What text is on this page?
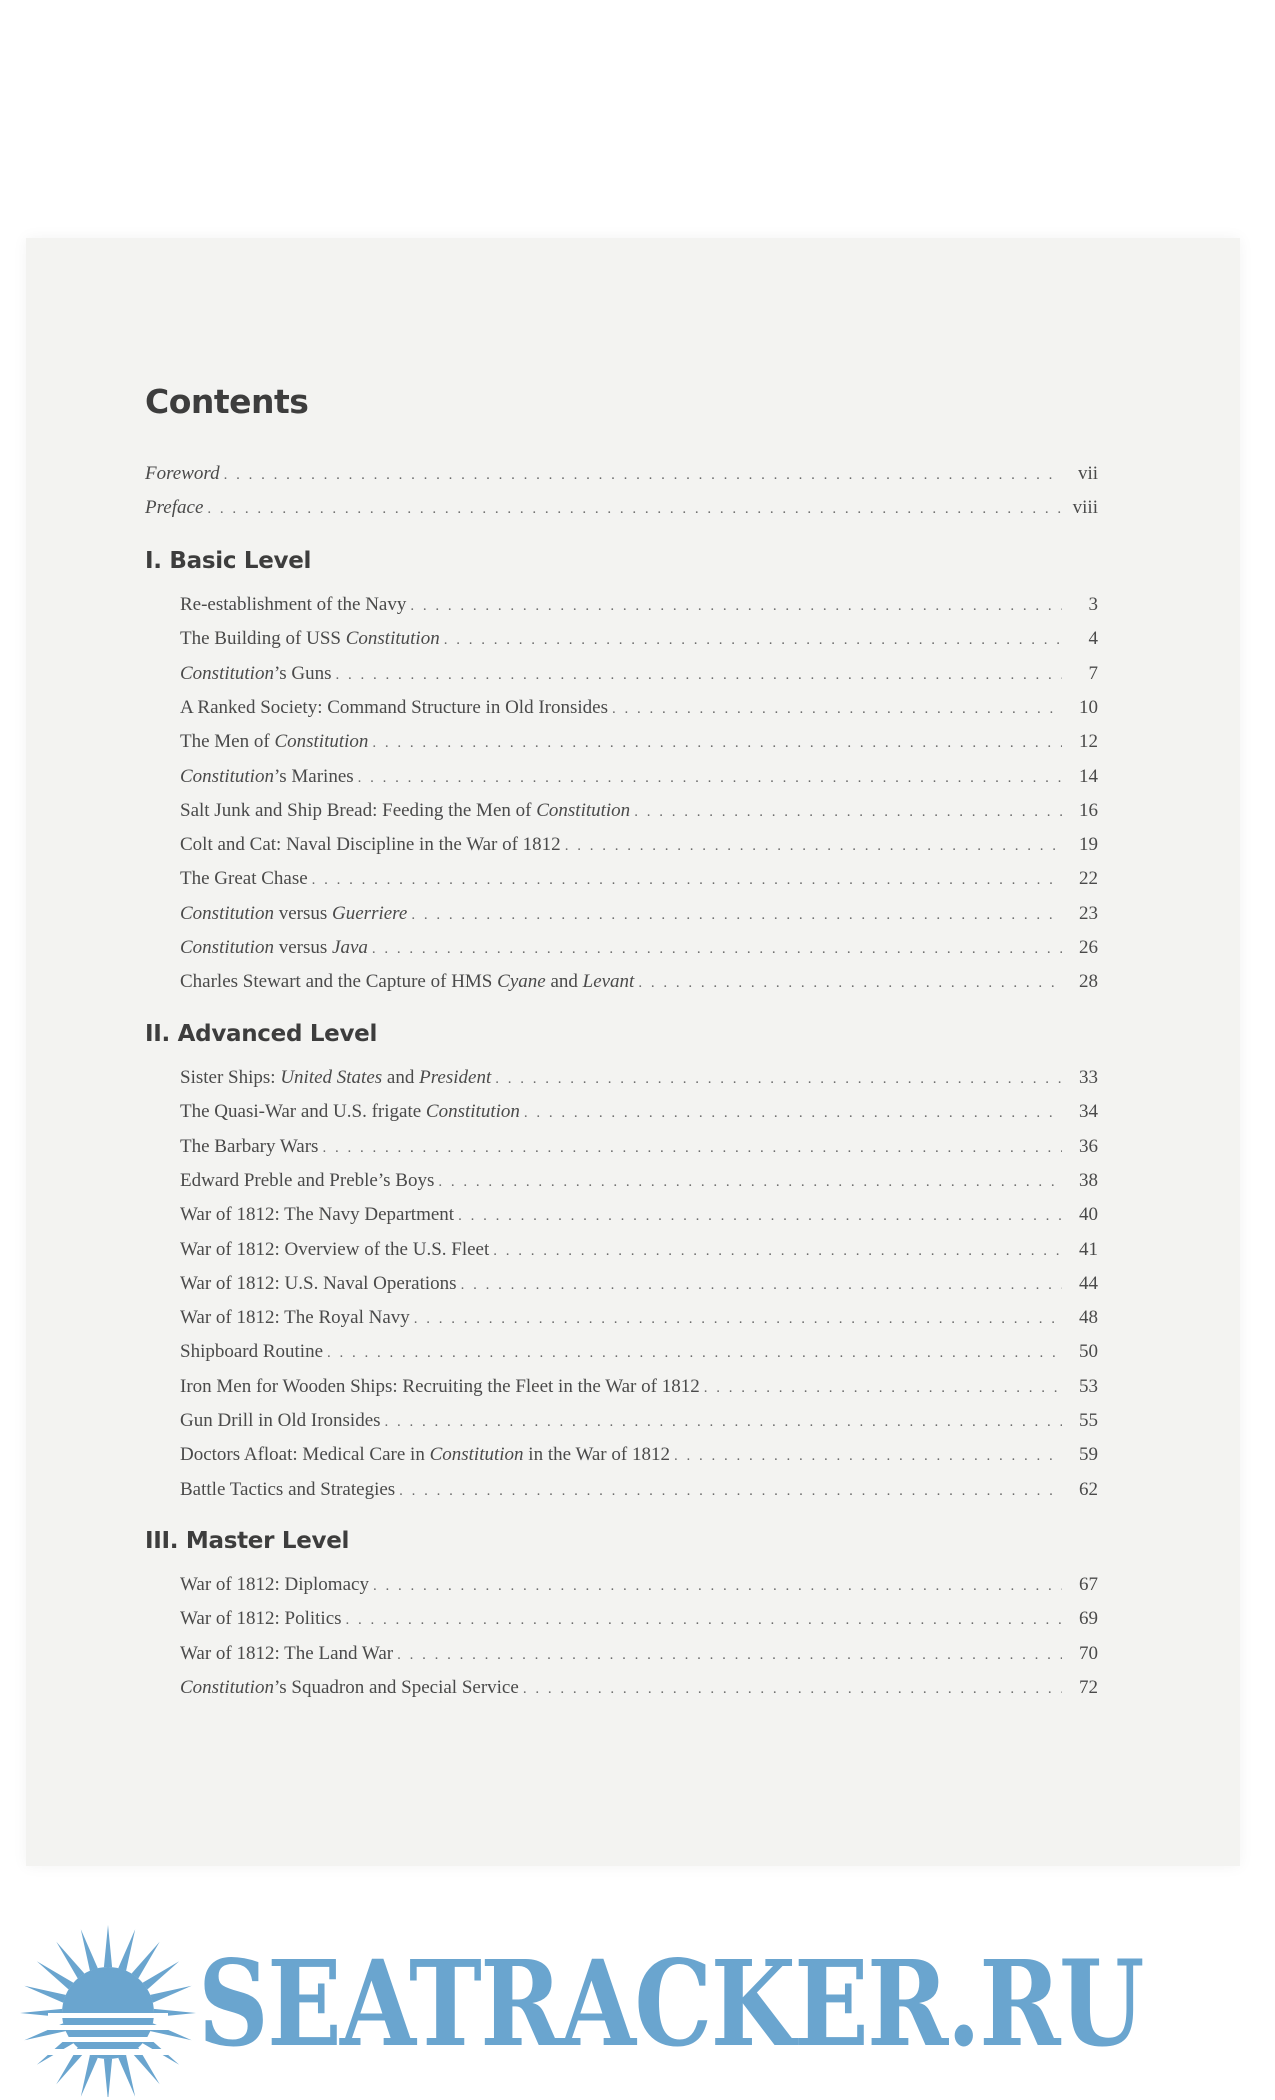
Contents
Foreword . . .	vii
Preface . . .	viii
I. Basic Level
Re-establishment of the Navy . . .	3
The Building of USS Constitution . . .	4
Constitution’s Guns . . .	7
A Ranked Society: Command Structure in Old Ironsides . . .	10
The Men of Constitution . . .	12
Constitution’s Marines . . .	14
Salt Junk and Ship Bread: Feeding the Men of Constitution . . .	16
Colt and Cat: Naval Discipline in the War of 1812 . . .	19
The Great Chase . . .	22
Constitution versus Guerriere . . .	23
Constitution versus Java . . .	26
Charles Stewart and the Capture of HMS Cyane and Levant . . .	28
II. Advanced Level
Sister Ships: United States and President . . .	33
The Quasi-War and U.S. frigate Constitution . . .	34
The Barbary Wars . . .	36
Edward Preble and Preble’s Boys . . .	38
War of 1812: The Navy Department . . .	40
War of 1812: Overview of the U.S. Fleet . . .	41
War of 1812: U.S. Naval Operations . . .	44
War of 1812: The Royal Navy . . .	48
Shipboard Routine . . .	50
Iron Men for Wooden Ships: Recruiting the Fleet in the War of 1812 . . .	53
Gun Drill in Old Ironsides . . .	55
Doctors Afloat: Medical Care in Constitution in the War of 1812 . . .	59
Battle Tactics and Strategies . . .	62
III. Master Level
War of 1812: Diplomacy . . .	67
War of 1812: Politics . . .	69
War of 1812: The Land War . . .	70
Constitution’s Squadron and Special Service . . .	72
SEATRACKER.RU
